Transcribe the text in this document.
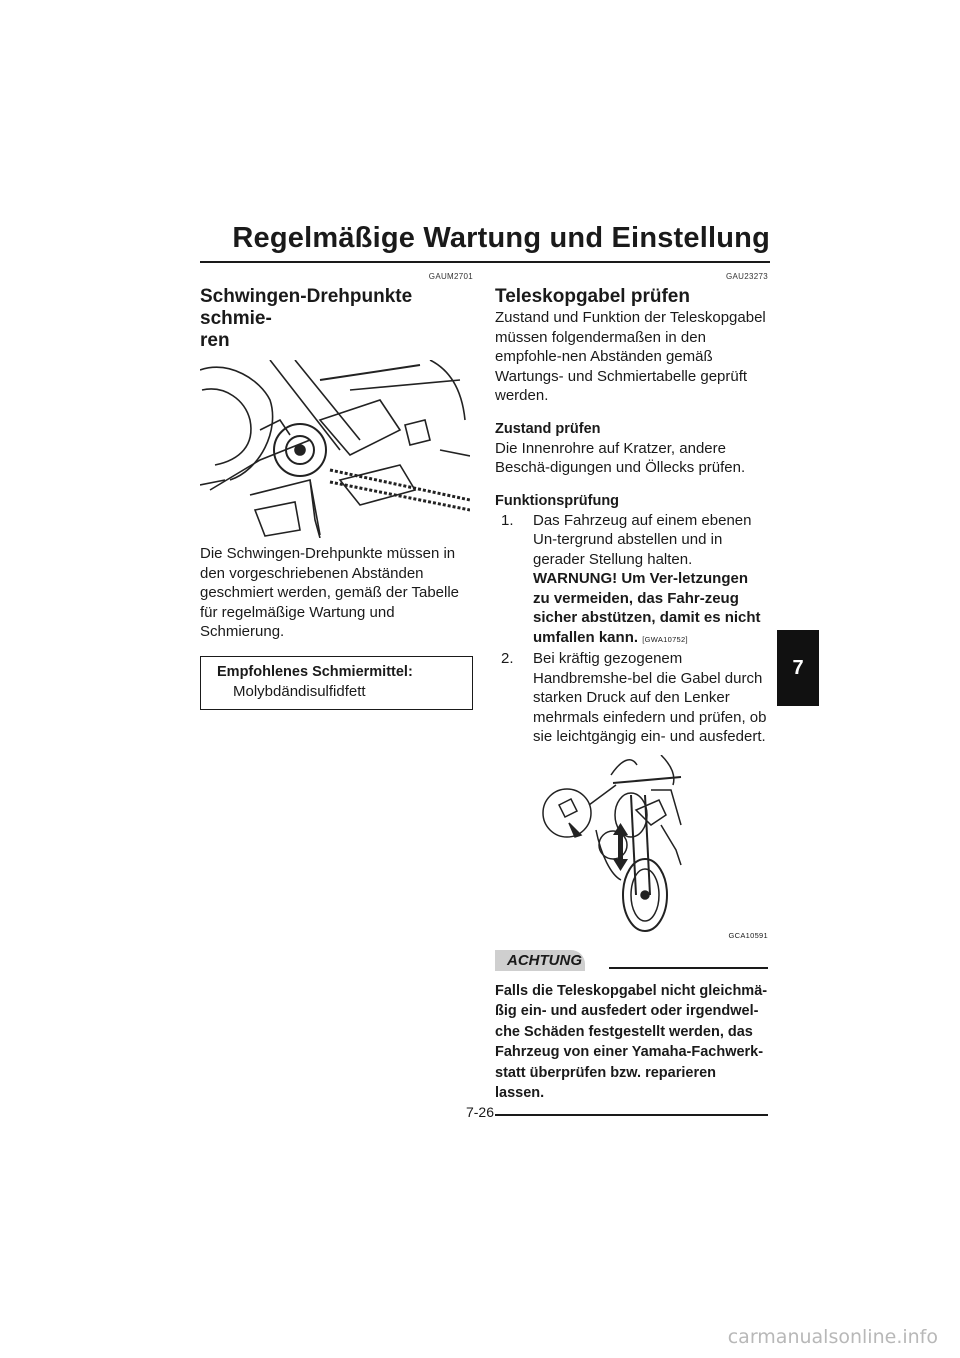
Regelmäßige Wartung und Einstellung
7
GAUM2701
Schwingen-Drehpunkte schmie-
ren

Die Schwingen-Drehpunkte müssen in den vorgeschriebenen Abständen geschmiert werden, gemäß der Tabelle für regelmäßige Wartung und Schmierung.

Empfohlenes Schmiermittel:
Molybdändisulfidfett
GAU23273
Teleskopgabel prüfen

Zustand und Funktion der Teleskopgabel müssen folgendermaßen in den empfohle-nen Abständen gemäß Wartungs- und Schmiertabelle geprüft werden.

Zustand prüfen

Die Innenrohre auf Kratzer, andere Beschä-digungen und Öllecks prüfen.

Funktionsprüfung
1. Das Fahrzeug auf einem ebenen Un-tergrund abstellen und in gerader Stellung halten. WARNUNG! Um Ver-letzungen zu vermeiden, das Fahr-zeug sicher abstützen, damit es nicht umfallen kann. [GWA10752]
2. Bei kräftig gezogenem Handbremshe-bel die Gabel durch starken Druck auf den Lenker mehrmals einfedern und prüfen, ob sie leichtgängig ein- und ausfedert.
GCA10591
ACHTUNG
Falls die Teleskopgabel nicht gleichmä-ßig ein- und ausfedert oder irgendwel-che Schäden festgestellt werden, das Fahrzeug von einer Yamaha-Fachwerk-statt überprüfen bzw. reparieren lassen.
7-26
carmanualsonline.info
